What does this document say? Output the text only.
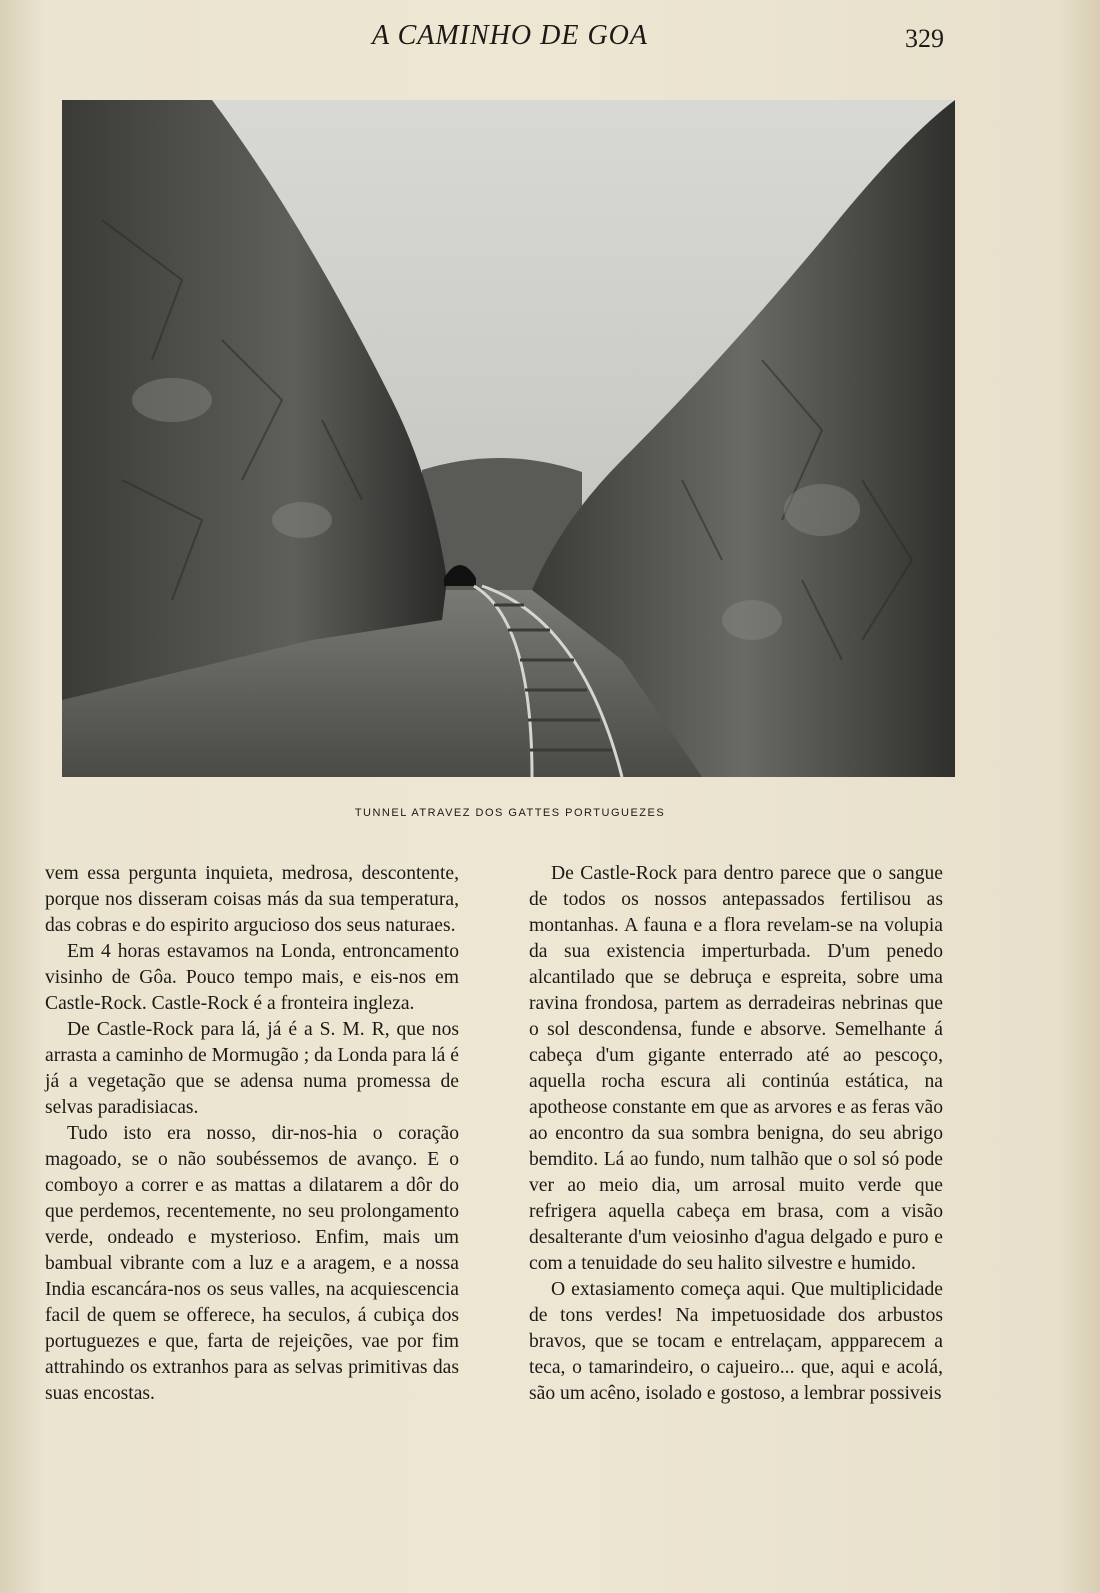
A CAMINHO DE GOA	329
TUNNEL ATRAVEZ DOS GATTES PORTUGUEZES

vem essa pergunta inquieta, medrosa, descontente, porque nos disseram coisas más da sua temperatura, das cobras e do espirito argucioso dos seus naturaes.

Em 4 horas estavamos na Londa, entroncamento visinho de Gôa. Pouco tempo mais, e eis-nos em Castle-Rock. Castle-Rock é a fronteira ingleza.

De Castle-Rock para lá, já é a S. M. R, que nos arrasta a caminho de Mormugão ; da Londa para lá é já a vegetação que se adensa numa promessa de selvas paradisiacas.

Tudo isto era nosso, dir-nos-hia o coração magoado, se o não soubéssemos de avanço. E o comboyo a correr e as mattas a dilatarem a dôr do que perdemos, recentemente, no seu prolongamento verde, ondeado e mysterioso. Enfim, mais um bambual vibrante com a luz e a aragem, e a nossa India escancára-nos os seus valles, na acquiescencia facil de quem se offerece, ha seculos, á cubiça dos portuguezes e que, farta de rejeições, vae por fim attrahindo os extranhos para as selvas primitivas das suas encostas.

De Castle-Rock para dentro parece que o sangue de todos os nossos antepassados fertilisou as montanhas. A fauna e a flora revelam-se na volupia da sua existencia imperturbada. D'um penedo alcantilado que se debruça e espreita, sobre uma ravina frondosa, partem as derradeiras nebrinas que o sol descondensa, funde e absorve. Semelhante á cabeça d'um gigante enterrado até ao pescoço, aquella rocha escura ali continúa estática, na apotheose constante em que as arvores e as feras vão ao encontro da sua sombra benigna, do seu abrigo bemdito. Lá ao fundo, num talhão que o sol só pode ver ao meio dia, um arrosal muito verde que refrigera aquella cabeça em brasa, com a visão desalterante d'um veiosinho d'agua delgado e puro e com a tenuidade do seu halito silvestre e humido.

O extasiamento começa aqui. Que multiplicidade de tons verdes! Na impetuosidade dos arbustos bravos, que se tocam e entrelaçam, appparecem a teca, o tamarindeiro, o cajueiro... que, aqui e acolá, são um acêno, isolado e gostoso, a lembrar possiveis
